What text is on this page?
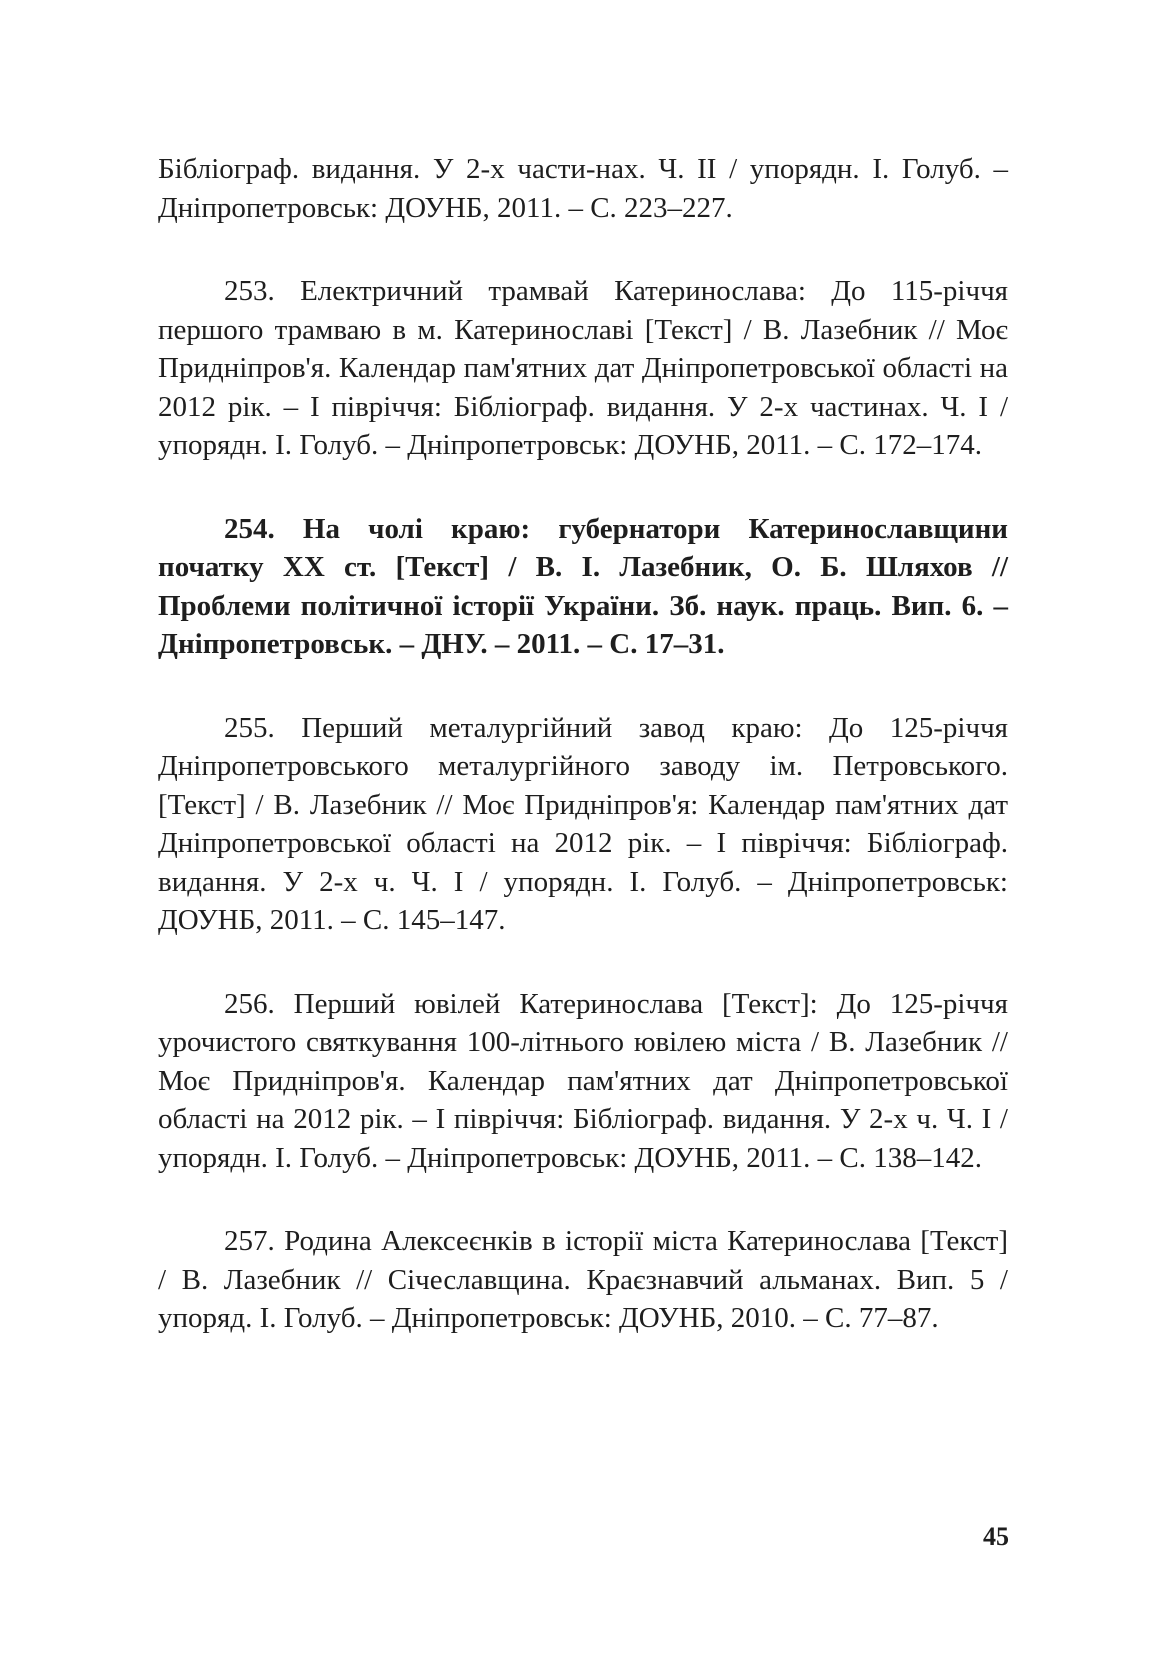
Бібліограф. видання. У 2-х части-нах. Ч. ІІ / упорядн. І. Голуб. – Дніпропетровськ: ДОУНБ, 2011. – С. 223–227.

253. Електричний трамвай Катеринослава: До 115-річчя першого трамваю в м. Катеринославі [Текст] / В. Лазебник // Моє Придніпров'я. Календар пам'ятних дат Дніпропетровської області на 2012 рік. – І півріччя: Бібліограф. видання. У 2-х частинах. Ч. І / упорядн. І. Голуб. – Дніпропетровськ: ДОУНБ, 2011. – С. 172–174.

254. На чолі краю: губернатори Катеринославщини початку ХХ ст. [Текст] / В. І. Лазебник, О. Б. Шляхов // Проблеми політичної історії України. Зб. наук. праць. Вип. 6. – Дніпропетровськ. – ДНУ. – 2011. – С. 17–31.

255. Перший металургійний завод краю: До 125-річчя Дніпропетровського металургійного заводу ім. Петровського. [Текст] / В. Лазебник // Моє Придніпров'я: Календар пам'ятних дат Дніпропетровської області на 2012 рік. – І півріччя: Бібліограф. видання. У 2-х ч. Ч. І / упорядн. І. Голуб. – Дніпропетровськ: ДОУНБ, 2011. – С. 145–147.

256. Перший ювілей Катеринослава [Текст]: До 125-річчя урочистого святкування 100-літнього ювілею міста / В. Лазебник // Моє Придніпров'я. Календар пам'ятних дат Дніпропетровської області на 2012 рік. – І півріччя: Бібліограф. видання. У 2-х ч. Ч. І / упорядн. І. Голуб. – Дніпропетровськ: ДОУНБ, 2011. – С. 138–142.

257. Родина Алексеєнків в історії міста Катеринослава [Текст] / В. Лазебник // Січеславщина. Краєзнавчий альманах. Вип. 5 / упоряд. І. Голуб. – Дніпропетровськ: ДОУНБ, 2010. – С. 77–87.

45
